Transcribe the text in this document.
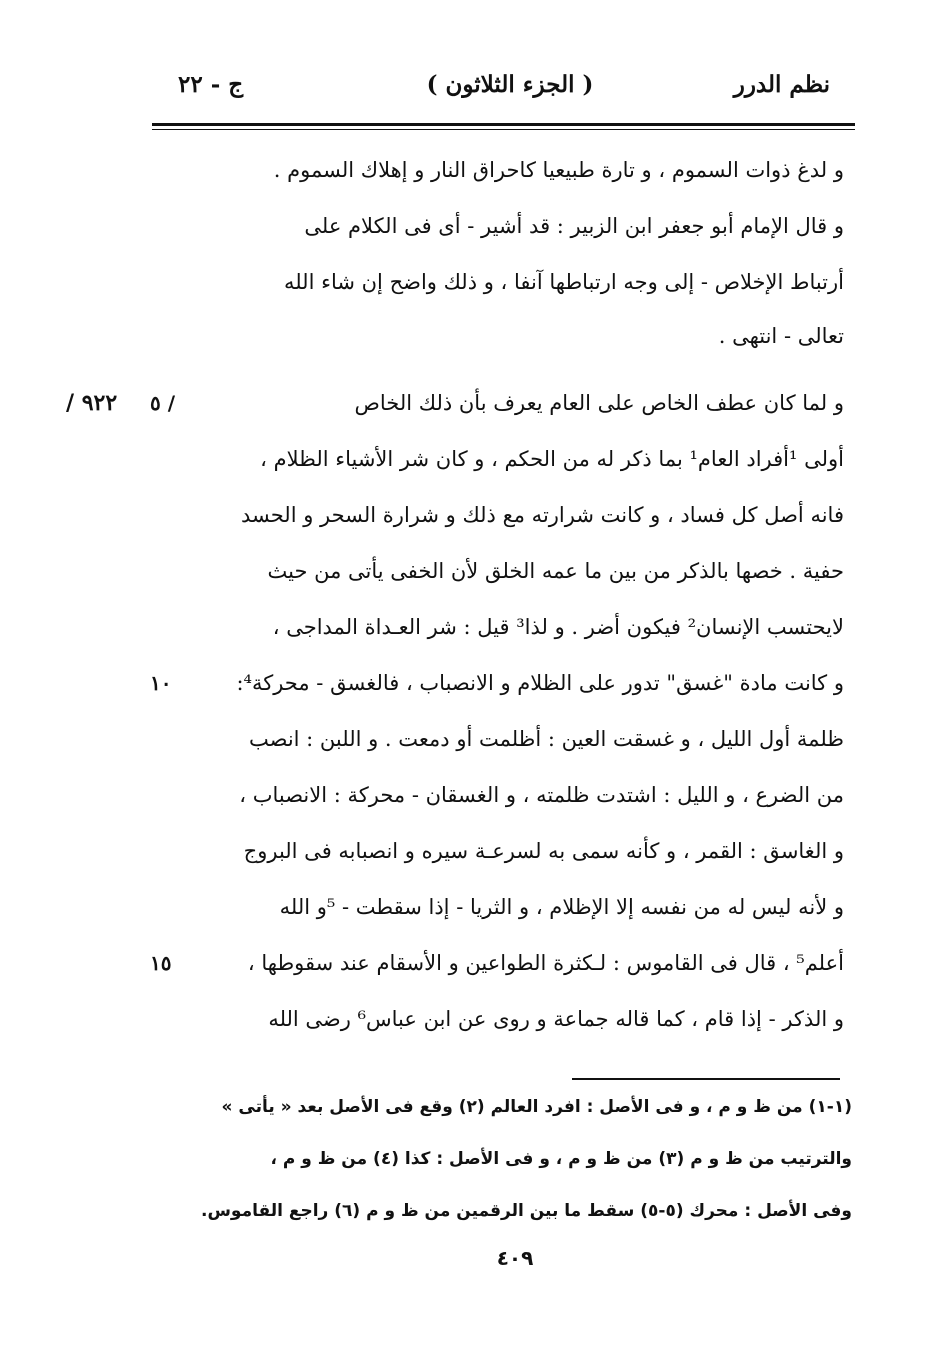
ج - ٢٢	( الجزء الثلاثون )	نظم الدرر
و لدغ ذوات السموم ، و تارة طبيعيا كاحراق النار و إهلاك السموم .
و قال الإمام أبو جعفر ابن الزبير : قد أشير - أى فى الكلام على
أرتباط الإخلاص - إلى وجه ارتباطها آنفا ، و ذلك واضح إن شاء الله
تعالى - انتهى .
و لما كان عطف الخاص على العام يعرف بأن ذلك الخاص
أولى ¹أفراد العام¹ بما ذكر له من الحكم ، و كان شر الأشياء الظلام ،
فانه أصل كل فساد ، و كانت شرارته مع ذلك و شرارة السحر و الحسد
حفية . خصها بالذكر من بين ما عمه الخلق لأن الخفى يأتى من حيث
لايحتسب الإنسان² فيكون أضر . و لذا³ قيل : شر العـداة المداجى ،
و كانت مادة "غسق" تدور على الظلام و الانصباب ، فالغسق - محركة⁴:
ظلمة أول الليل ، و غسقت العين : أظلمت أو دمعت . و اللبن : انصب
من الضرع ، و الليل : اشتدت ظلمته ، و الغسقان - محركة : الانصباب ،
و الغاسق : القمر ، و كأنه سمى به لسرعـة سيره و انصبابه فى البروج
و لأنه ليس له من نفسه إلا الإظلام ، و الثريا - إذا سقطت - ⁵و الله
أعلم⁵ ، قال فى القاموس : لـكثرة الطواعين و الأسقام عند سقوطها ،
و الذكر - إذا قام ، كما قاله جماعة و روى عن ابن عباس⁶ رضى الله
٩٢٢ /	٥ /
١٠
١٥
(١-١) من ظ و م ، و فى الأصل : افرد العالم (٢) وقع فى الأصل بعد « يأتى »
والترتيب من ظ و م (٣) من ظ و م ، و فى الأصل : كذا (٤) من ظ و م ،
وفى الأصل : محرك (٥-٥) سقط ما بين الرقمين من ظ و م (٦) راجع القاموس.
٤٠٩
